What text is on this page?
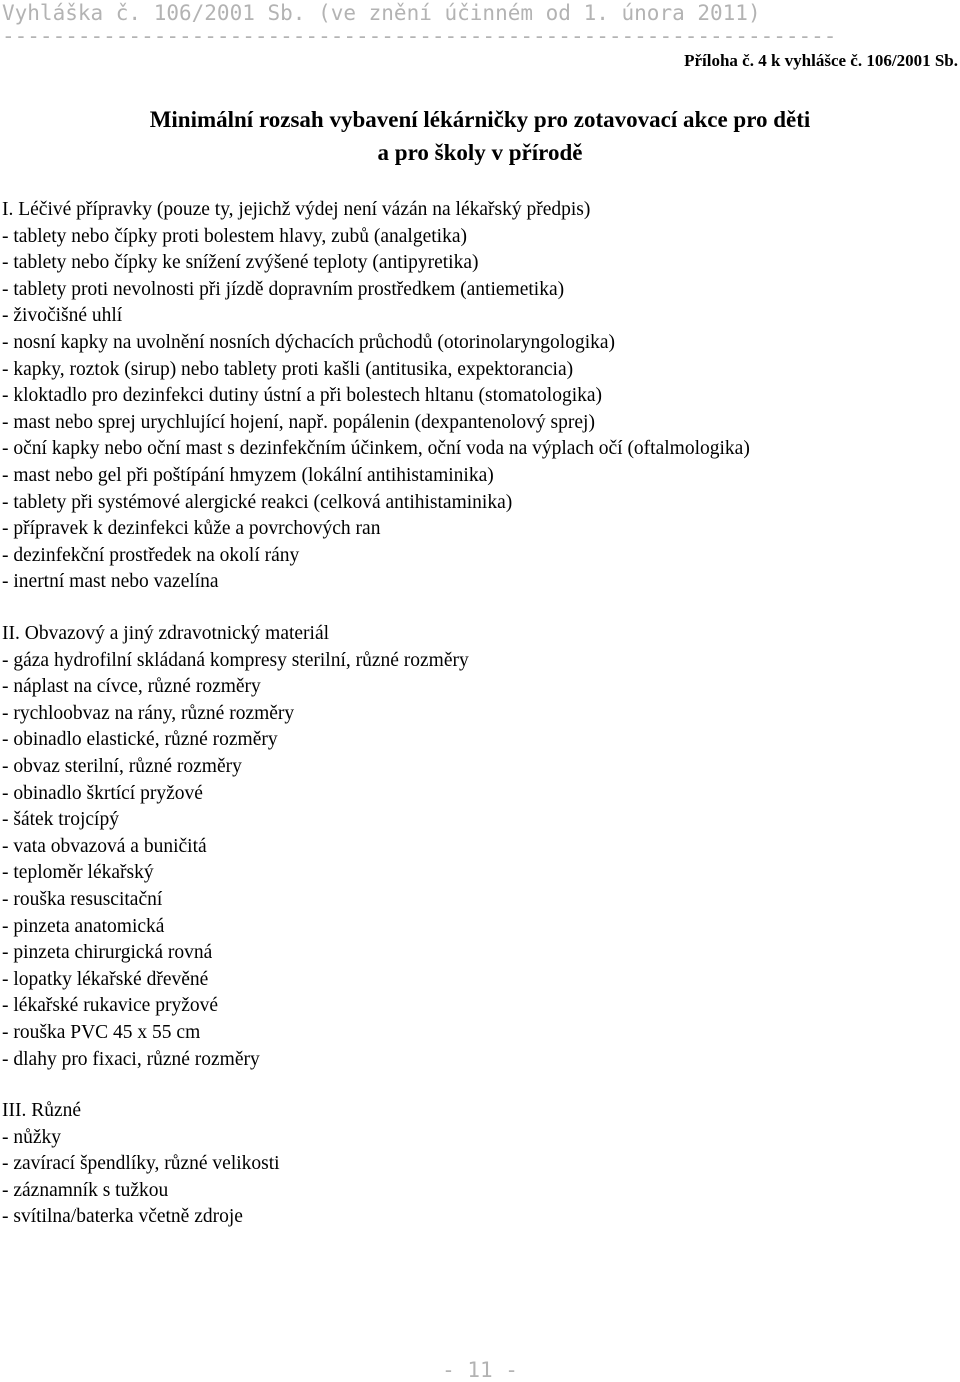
Vyhláška č. 106/2001 Sb. (ve znění účinném od 1. února 2011)
------------------------------------------------------------------
Příloha č. 4 k vyhlášce č. 106/2001 Sb.
Minimální rozsah vybavení lékárničky pro zotavovací akce pro děti
a pro školy v přírodě
I. Léčivé přípravky (pouze ty, jejichž výdej není vázán na lékařský předpis)
- tablety nebo čípky proti bolestem hlavy, zubů (analgetika)
- tablety nebo čípky ke snížení zvýšené teploty (antipyretika)
- tablety proti nevolnosti při jízdě dopravním prostředkem (antiemetika)
- živočišné uhlí
- nosní kapky na uvolnění nosních dýchacích průchodů (otorinolaryngologika)
- kapky, roztok (sirup) nebo tablety proti kašli (antitusika, expektorancia)
- kloktadlo pro dezinfekci dutiny ústní a při bolestech hltanu (stomatologika)
- mast nebo sprej urychlující hojení, např. popálenin (dexpantenolový sprej)
- oční kapky nebo oční mast s dezinfekčním účinkem, oční voda na výplach očí (oftalmologika)
- mast nebo gel při poštípání hmyzem (lokální antihistaminika)
- tablety při systémové alergické reakci (celková antihistaminika)
- přípravek k dezinfekci kůže a povrchových ran
- dezinfekční prostředek na okolí rány
- inertní mast nebo vazelína
II. Obvazový a jiný zdravotnický materiál
- gáza hydrofilní skládaná kompresy sterilní, různé rozměry
- náplast na cívce, různé rozměry
- rychloobvaz na rány, různé rozměry
- obinadlo elastické, různé rozměry
- obvaz sterilní, různé rozměry
- obinadlo škrtící pryžové
- šátek trojcípý
- vata obvazová a buničitá
- teploměr lékařský
- rouška resuscitační
- pinzeta anatomická
- pinzeta chirurgická rovná
- lopatky lékařské dřevěné
- lékařské rukavice pryžové
- rouška PVC 45 x 55 cm
- dlahy pro fixaci, různé rozměry
III. Různé
- nůžky
- zavírací špendlíky, různé velikosti
- záznamník s tužkou
- svítilna/baterka včetně zdroje
- 11 -
